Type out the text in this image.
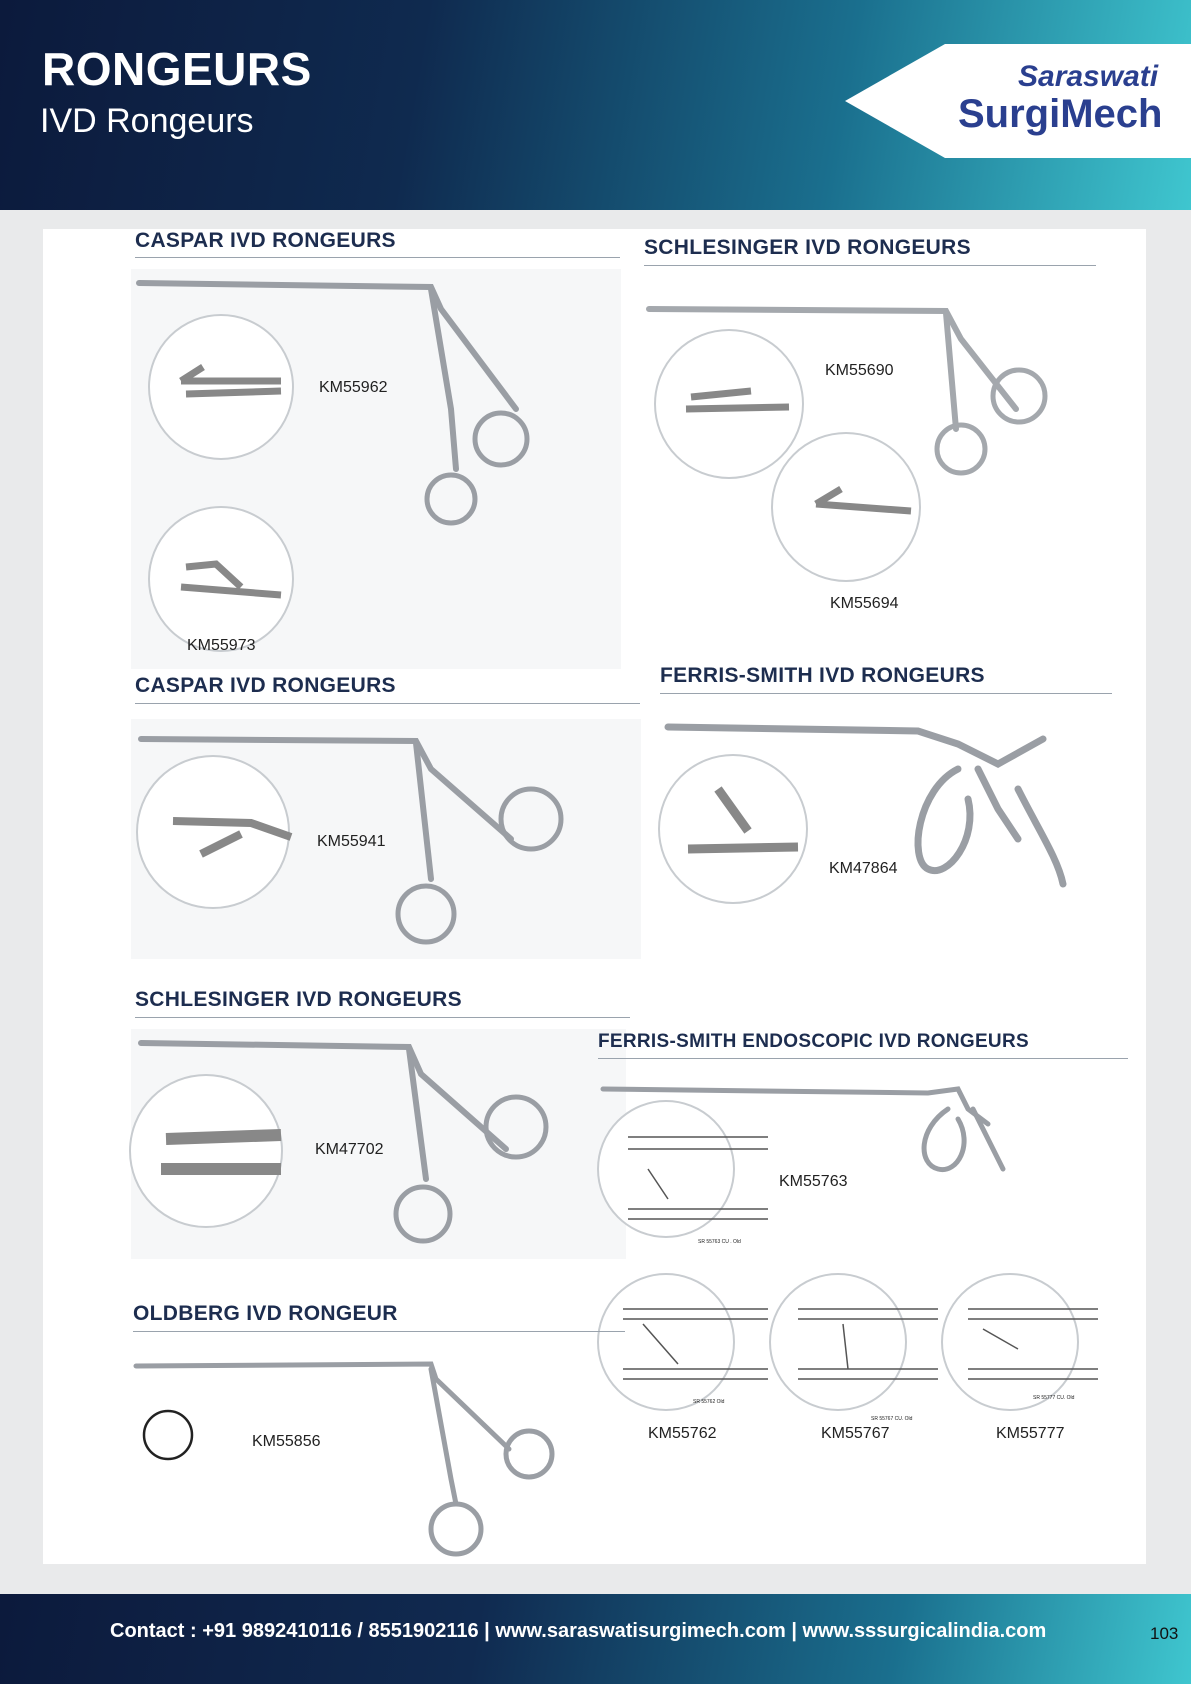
RONGEURS
IVD Rongeurs
Saraswati
SurgiMech
CASPAR IVD RONGEURS
KM55962
KM55973
SCHLESINGER IVD RONGEURS
KM55690
KM55694
CASPAR IVD RONGEURS
KM55941
FERRIS-SMITH IVD RONGEURS
KM47864
SCHLESINGER IVD RONGEURS
KM47702
FERRIS-SMITH ENDOSCOPIC IVD RONGEURS
KM55763
KM55762	KM55767	KM55777
SR 55763 CU . Old
SR 55762 Old
SR 55767 CU. Old
SR 55777 CU. Old
OLDBERG IVD RONGEUR
KM55856
Contact : +91 9892410116 / 8551902116 | www.saraswatisurgimech.com | www.sssurgicalindia.com	103
